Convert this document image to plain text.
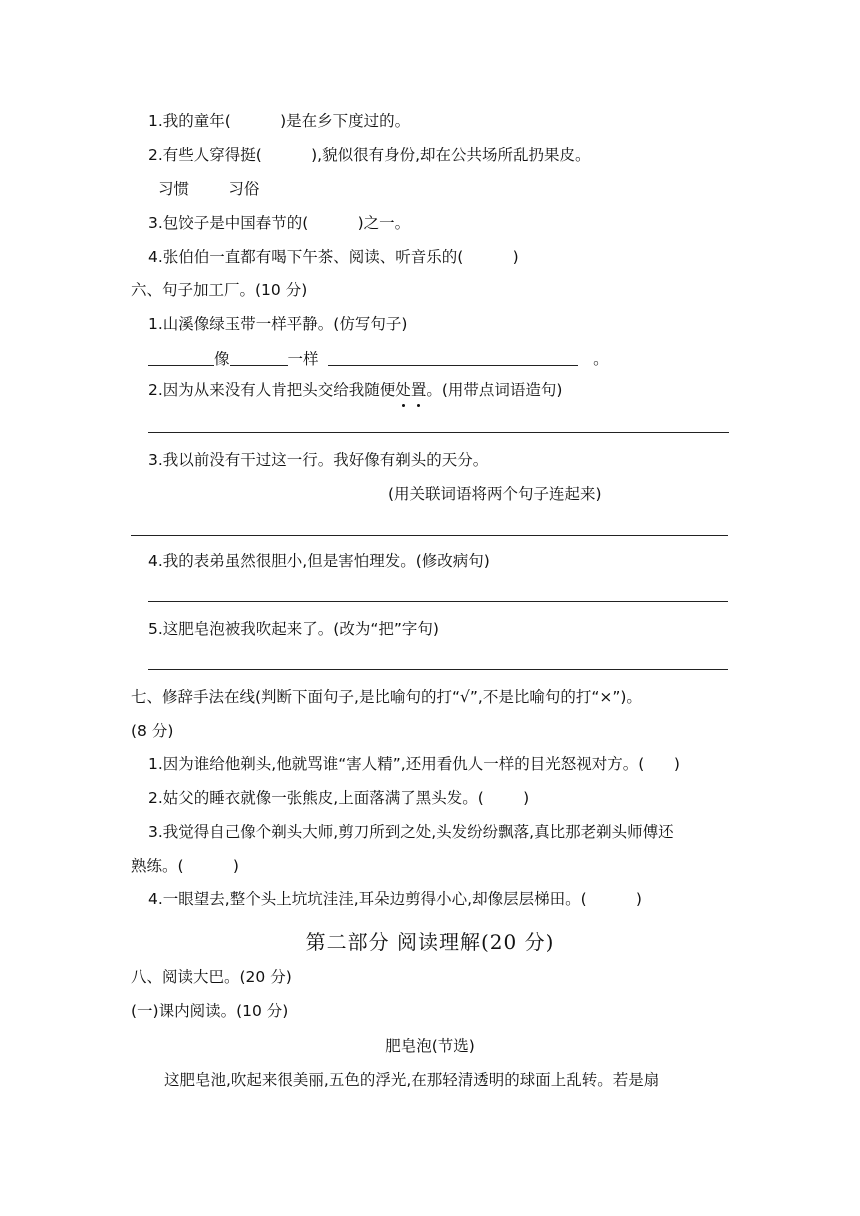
1.我的童年(          )是在乡下度过的。
2.有些人穿得挺(          ),貌似很有身份,却在公共场所乱扔果皮。
习惯        习俗
3.包饺子是中国春节的(          )之一。
4.张伯伯一直都有喝下午茶、阅读、听音乐的(          )
六、句子加工厂。(10 分)
1.山溪像绿玉带一样平静。(仿写句子)
像	一样	。
2.因为从来没有人肯把头交给我随便处置。(用带点词语造句)
3.我以前没有干过这一行。我好像有剃头的天分。
(用关联词语将两个句子连起来)
4.我的表弟虽然很胆小,但是害怕理发。(修改病句)
5.这肥皂泡被我吹起来了。(改为“把”字句)
七、修辞手法在线(判断下面句子,是比喻句的打“√”,不是比喻句的打“×”)。
(8 分)
1.因为谁给他剃头,他就骂谁“害人精”,还用看仇人一样的目光怒视对方。(      )
2.姑父的睡衣就像一张熊皮,上面落满了黑头发。(        )
3.我觉得自己像个剃头大师,剪刀所到之处,头发纷纷飘落,真比那老剃头师傅还
熟练。(          )
4.一眼望去,整个头上坑坑洼洼,耳朵边剪得小心,却像层层梯田。(          )
第二部分 阅读理解(20 分)
八、阅读大巴。(20 分)
(一)课内阅读。(10 分)
肥皂泡(节选)
这肥皂池,吹起来很美丽,五色的浮光,在那轻清透明的球面上乱转。若是扇
